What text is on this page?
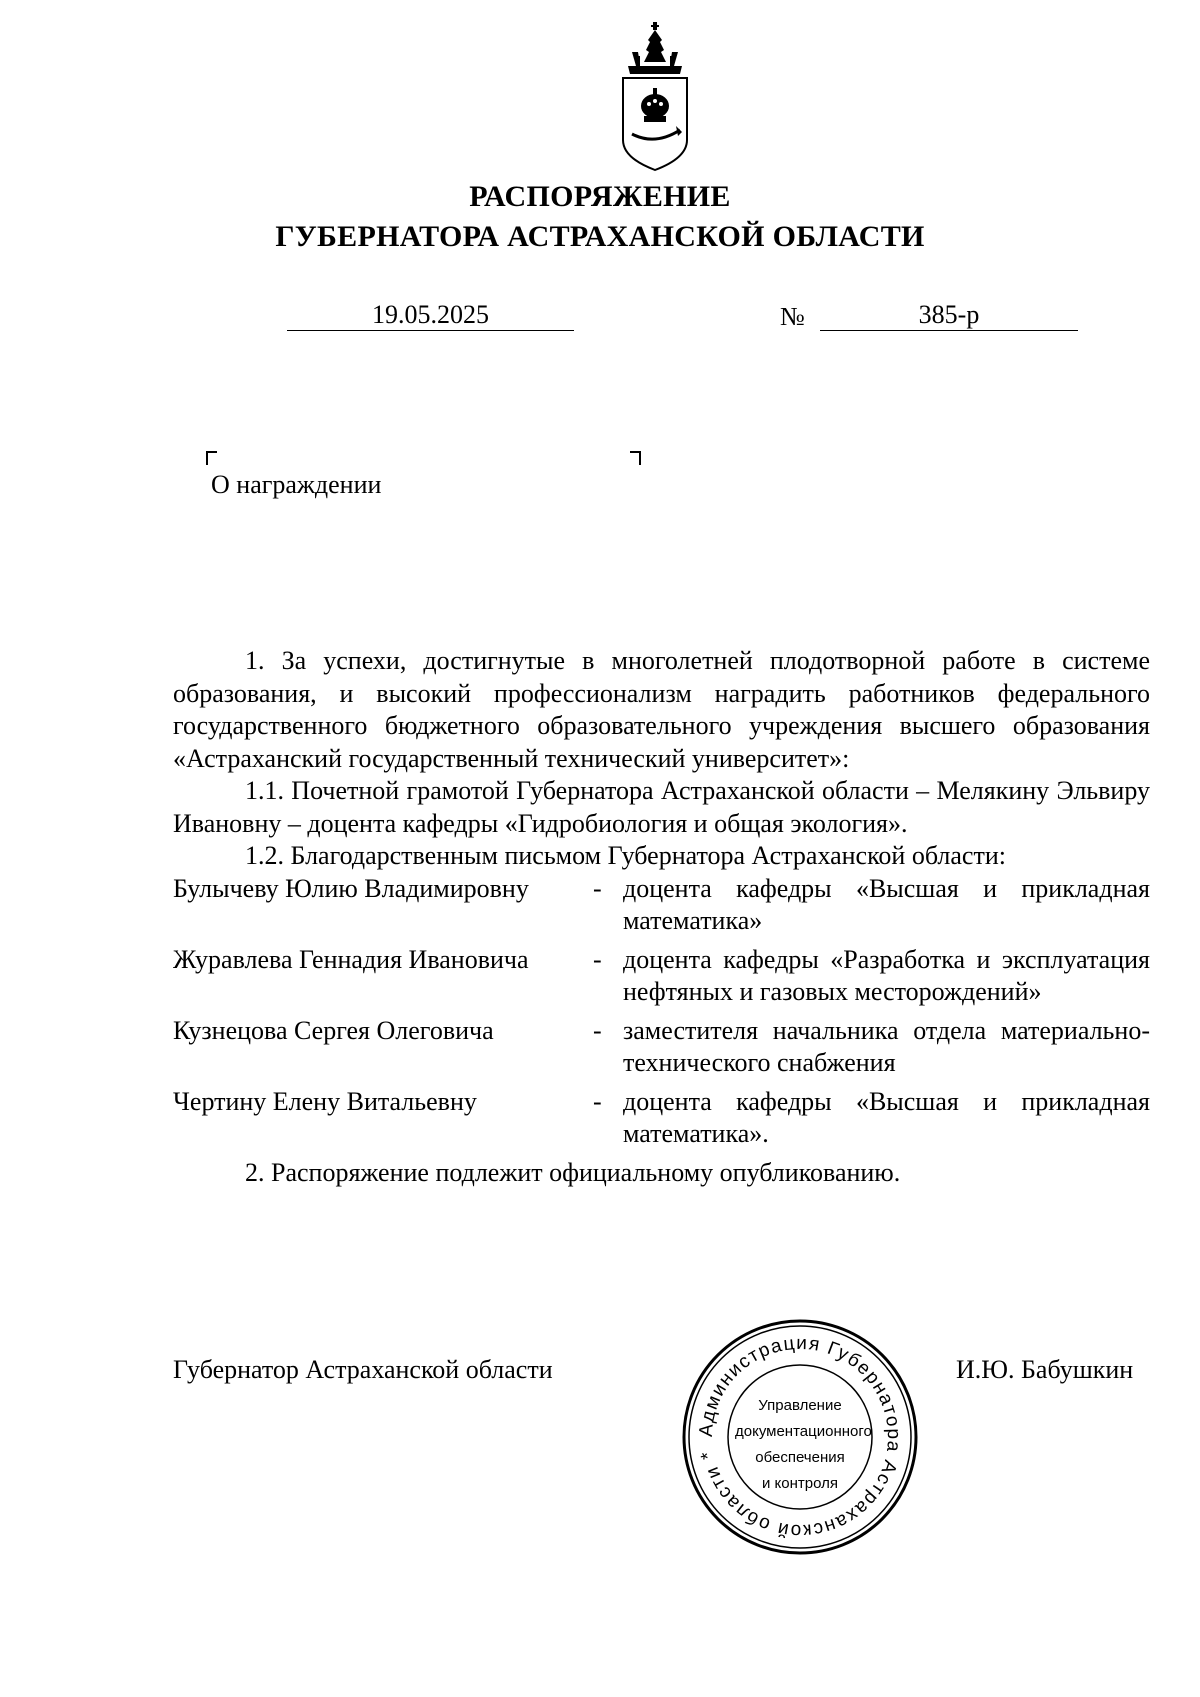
РАСПОРЯЖЕНИЕ
ГУБЕРНАТОРА АСТРАХАНСКОЙ ОБЛАСТИ
19.05.2025	№	385-р
О награждении

1. За успехи, достигнутые в многолетней плодотворной работе в системе образования, и высокий профессионализм наградить работников федерального государственного бюджетного образовательного учреждения высшего образования «Астраханский государственный технический университет»:

1.1. Почетной грамотой Губернатора Астраханской области – Мелякину Эльвиру Ивановну – доцента кафедры «Гидробиология и общая экология».

1.2. Благодарственным письмом Губернатора Астраханской области:

Булычеву Юлию Владимировну	- доцента кафедры «Высшая и прикладная математика»
Журавлева Геннадия Ивановича	- доцента кафедры «Разработка и эксплуатация нефтяных и газовых месторождений»
Кузнецова Сергея Олеговича	- заместителя начальника отдела материально-технического снабжения
Чертину Елену Витальевну	- доцента кафедры «Высшая и прикладная математика».

2. Распоряжение подлежит официальному опубликованию.

Губернатор Астраханской области	И.Ю. Бабушкин
Администрация Губернатора Астраханской области *
Управление
документационного
обеспечения
и контроля
